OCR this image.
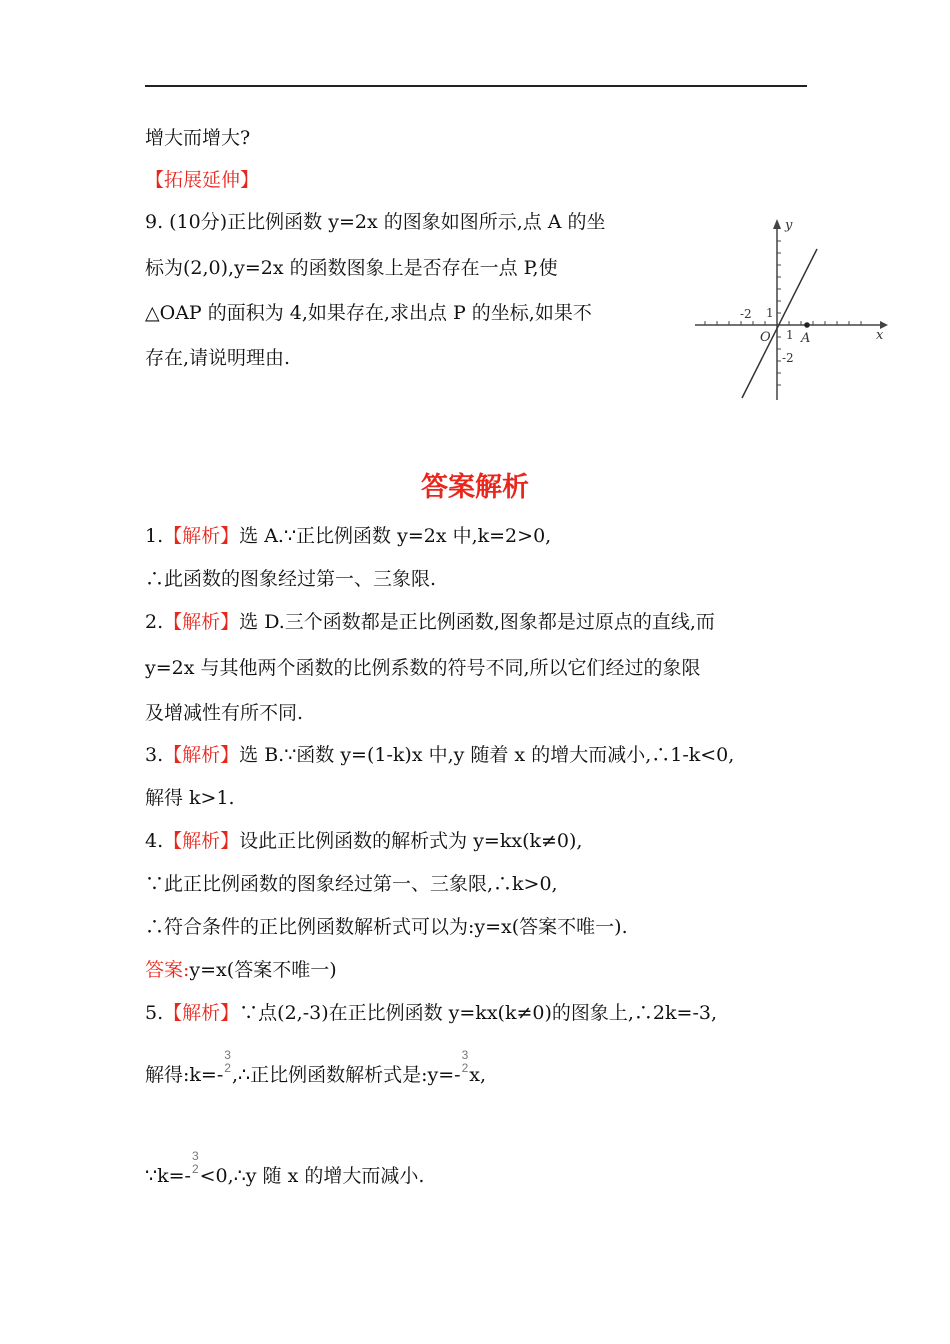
增大而增大?
【拓展延伸】
9. (10分)正比例函数 y=2x 的图象如图所示,点 A 的坐
标为(2,0),y=2x 的函数图象上是否存在一点 P,使
△OAP 的面积为 4,如果存在,求出点 P 的坐标,如果不
存在,请说明理由.
y
x
O A
-2
1
1
-2
答案解析
1.【解析】选 A.∵正比例函数 y=2x 中,k=2>0,
∴此函数的图象经过第一、三象限.
2.【解析】选 D.三个函数都是正比例函数,图象都是过原点的直线,而
y=2x 与其他两个函数的比例系数的符号不同,所以它们经过的象限
及增减性有所不同.
3.【解析】选 B.∵函数 y=(1-k)x 中,y 随着 x 的增大而减小,∴1-k<0,
解得 k>1.
4.【解析】设此正比例函数的解析式为 y=kx(k≠0),
∵此正比例函数的图象经过第一、三象限,∴k>0,
∴符合条件的正比例函数解析式可以为:y=x(答案不唯一).
答案:y=x(答案不唯一)
5.【解析】∵点(2,-3)在正比例函数 y=kx(k≠0)的图象上,∴2k=-3,
解得:k=-
3
2 ,∴正比例函数解析式是:y=-
3
2 x,
∵k=-
3
2 <0,∴y 随 x 的增大而减小.
